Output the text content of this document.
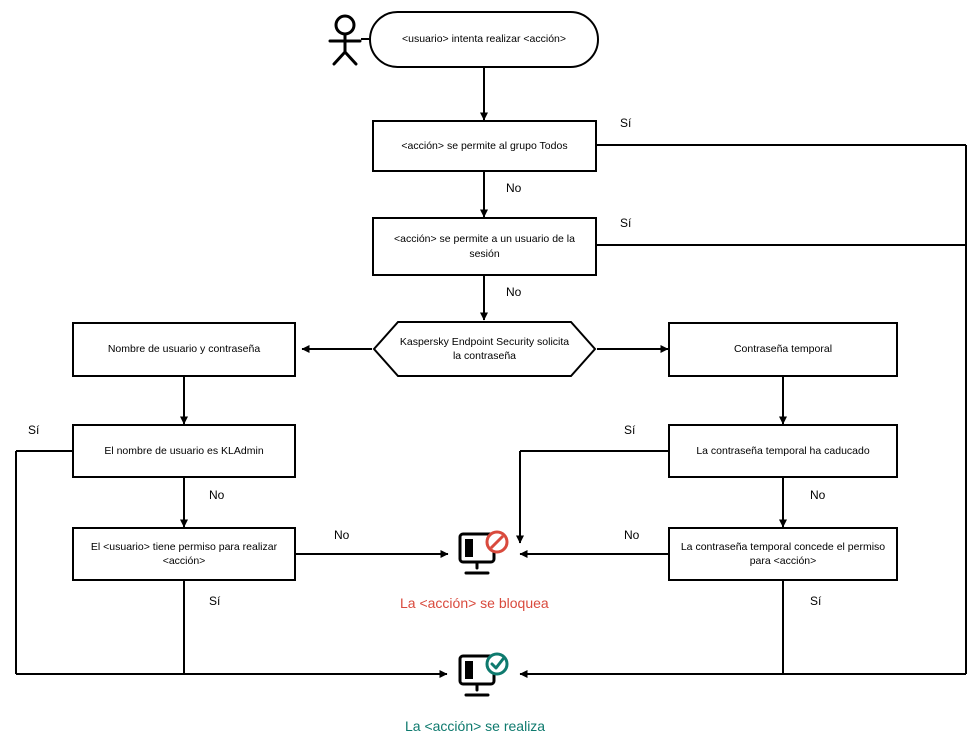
<usuario> intenta realizar <acción>
<acción> se permite al grupo Todos
<acción> se permite a un usuario de la sesión
Kaspersky Endpoint Security solicita la contraseña
Nombre de usuario y contraseña	Contraseña temporal
El nombre de usuario es KLAdmin	La contraseña temporal ha caducado
El <usuario> tiene permiso para realizar <acción>
La contraseña temporal concede el permiso para <acción>
Sí
No
Sí
No
Sí
No
No
Sí
Sí
No
No
Sí
La <acción> se bloquea
La <acción> se realiza
